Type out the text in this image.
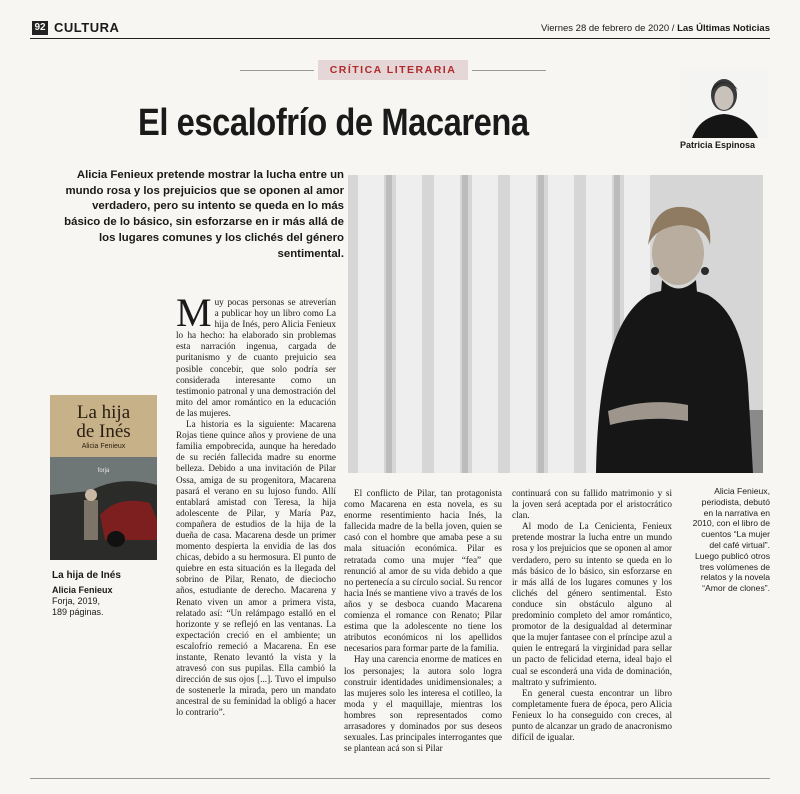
92 CULTURA	Viernes 28 de febrero de 2020 / Las Últimas Noticias
CRÍTICA LITERARIA
El escalofrío de Macarena
Patricia Espinosa
Alicia Fenieux pretende mostrar la lucha entre un mundo rosa y los prejuicios que se oponen al amor verdadero, pero su intento se queda en lo más básico de lo básico, sin esforzarse en ir más allá de los lugares comunes y los clichés del género sentimental.

Muy pocas personas se atreverían a publicar hoy un libro como La hija de Inés, pero Alicia Fenieux lo ha hecho: ha elaborado sin problemas esta narración ingenua, cargada de puritanismo y de cuanto prejuicio sea posible concebir, que solo podría ser considerada interesante como un testimonio patronal y una demostración del mito del amor romántico en la educación de las mujeres.

La historia es la siguiente: Macarena Rojas tiene quince años y proviene de una familia empobrecida, aunque ha heredado de su recién fallecida madre su enorme belleza. Debido a una invitación de Pilar Ossa, amiga de su progenitora, Macarena pasará el verano en su lujoso fundo. Allí entablará amistad con Teresa, la hija adolescente de Pilar, y María Paz, compañera de estudios de la hija de la dueña de casa. Macarena desde un primer momento despierta la envidia de las dos chicas, debido a su hermosura. El punto de quiebre en esta situación es la llegada del sobrino de Pilar, Renato, de dieciocho años, estudiante de derecho. Macarena y Renato viven un amor a primera vista, relatado así: “Un relámpago estalló en el horizonte y se reflejó en las ventanas. La expectación creció en el ambiente; un escalofrío remeció a Macarena. En ese instante, Renato levantó la vista y la atravesó con sus pupilas. Ella cambió la dirección de sus ojos [...]. Tuvo el impulso de sostenerle la mirada, pero un mandato ancestral de su feminidad la obligó a hacer lo contrario”.

La hija
de Inés
Alicia Fenieux
forja
La hija de Inés
Alicia Fenieux
Forja, 2019,
189 páginas.

El conflicto de Pilar, tan protagonista como Macarena en esta novela, es su enorme resentimiento hacia Inés, la fallecida madre de la bella joven, quien se casó con el hombre que amaba pese a su mala situación económica. Pilar es retratada como una mujer “fea” que renunció al amor de su vida debido a que no pertenecía a su círculo social. Su rencor hacia Inés se mantiene vivo a través de los años y se desboca cuando Macarena comienza el romance con Renato; Pilar estima que la adolescente no tiene los atributos económicos ni los apellidos necesarios para formar parte de la familia.

Hay una carencia enorme de matices en los personajes; la autora solo logra construir identidades unidimensionales; a las mujeres solo les interesa el cotilleo, la moda y el maquillaje, mientras los hombres son representados como arrasadores y dominados por sus deseos sexuales. Las principales interrogantes que se plantean acá son si Pilar

continuará con su fallido matrimonio y si la joven será aceptada por el aristocrático clan.

Al modo de La Cenicienta, Fenieux pretende mostrar la lucha entre un mundo rosa y los prejuicios que se oponen al amor verdadero, pero su intento se queda en lo más básico de lo básico, sin esforzarse en ir más allá de los lugares comunes y los clichés del género sentimental. Esto conduce sin obstáculo alguno al predominio completo del amor romántico, promotor de la desigualdad al determinar que la mujer fantasee con el príncipe azul a quien le entregará la virginidad para sellar un pacto de felicidad eterna, ideal bajo el cual se esconderá una vida de dominación, maltrato y sufrimiento.

En general cuesta encontrar un libro completamente fuera de época, pero Alicia Fenieux lo ha conseguido con creces, al punto de alcanzar un grado de anacronismo difícil de igualar.

Alicia Fenieux, periodista, debutó en la narrativa en 2010, con el libro de cuentos “La mujer del café virtual”. Luego publicó otros tres volúmenes de relatos y la novela “Amor de clones”.
